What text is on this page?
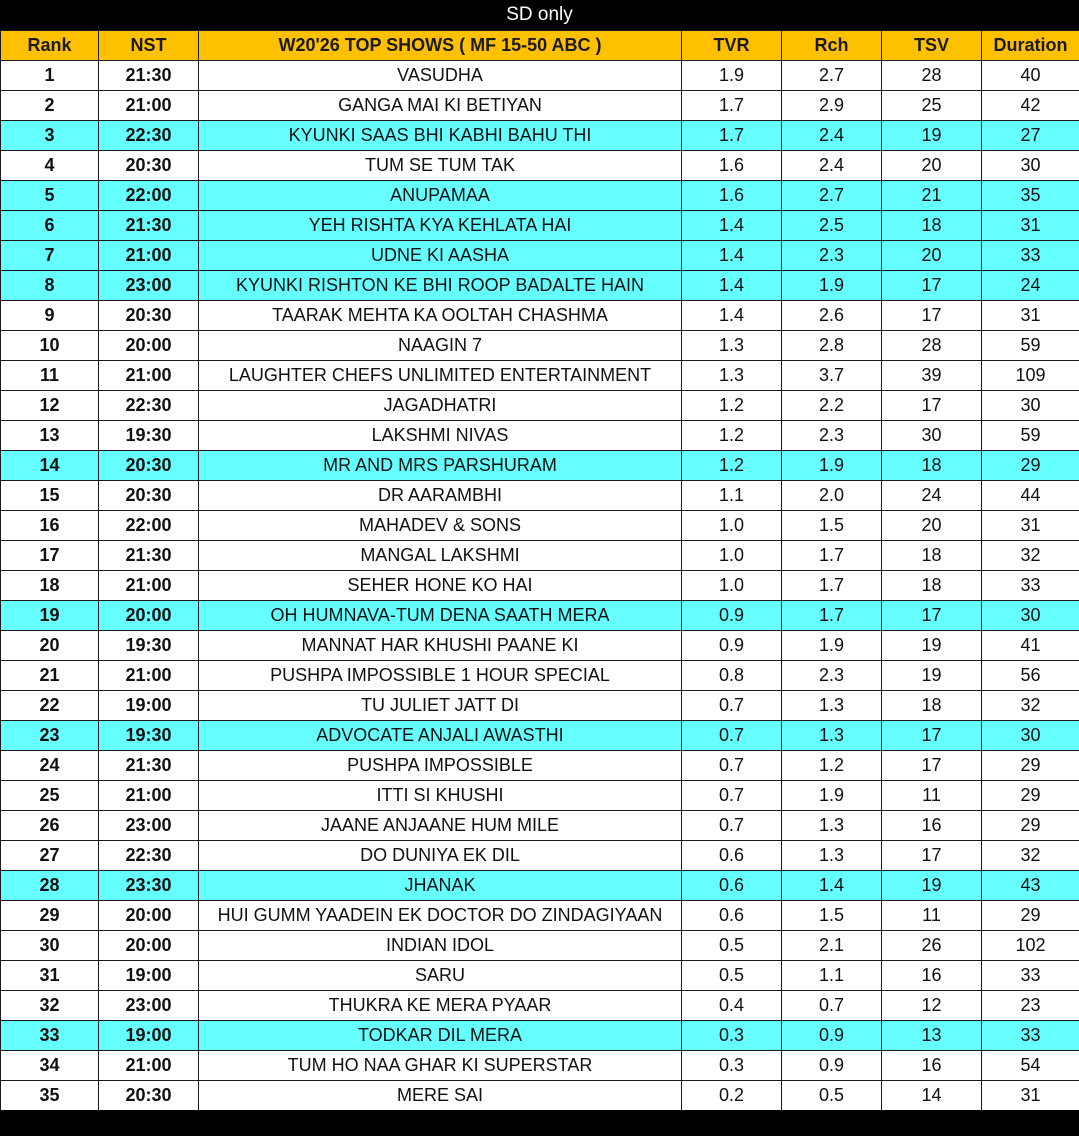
SD only
Rank	NST	W20'26 TOP SHOWS ( MF 15-50 ABC )	TVR	Rch	TSV	Duration
1	21:30	VASUDHA	1.9	2.7	28	40
2	21:00	GANGA MAI KI BETIYAN	1.7	2.9	25	42
3	22:30	KYUNKI SAAS BHI KABHI BAHU THI	1.7	2.4	19	27
4	20:30	TUM SE TUM TAK	1.6	2.4	20	30
5	22:00	ANUPAMAA	1.6	2.7	21	35
6	21:30	YEH RISHTA KYA KEHLATA HAI	1.4	2.5	18	31
7	21:00	UDNE KI AASHA	1.4	2.3	20	33
8	23:00	KYUNKI RISHTON KE BHI ROOP BADALTE HAIN	1.4	1.9	17	24
9	20:30	TAARAK MEHTA KA OOLTAH CHASHMA	1.4	2.6	17	31
10	20:00	NAAGIN 7	1.3	2.8	28	59
11	21:00	LAUGHTER CHEFS UNLIMITED ENTERTAINMENT	1.3	3.7	39	109
12	22:30	JAGADHATRI	1.2	2.2	17	30
13	19:30	LAKSHMI NIVAS	1.2	2.3	30	59
14	20:30	MR AND MRS PARSHURAM	1.2	1.9	18	29
15	20:30	DR AARAMBHI	1.1	2.0	24	44
16	22:00	MAHADEV & SONS	1.0	1.5	20	31
17	21:30	MANGAL LAKSHMI	1.0	1.7	18	32
18	21:00	SEHER HONE KO HAI	1.0	1.7	18	33
19	20:00	OH HUMNAVA-TUM DENA SAATH MERA	0.9	1.7	17	30
20	19:30	MANNAT HAR KHUSHI PAANE KI	0.9	1.9	19	41
21	21:00	PUSHPA IMPOSSIBLE 1 HOUR SPECIAL	0.8	2.3	19	56
22	19:00	TU JULIET JATT DI	0.7	1.3	18	32
23	19:30	ADVOCATE ANJALI AWASTHI	0.7	1.3	17	30
24	21:30	PUSHPA IMPOSSIBLE	0.7	1.2	17	29
25	21:00	ITTI SI KHUSHI	0.7	1.9	11	29
26	23:00	JAANE ANJAANE HUM MILE	0.7	1.3	16	29
27	22:30	DO DUNIYA EK DIL	0.6	1.3	17	32
28	23:30	JHANAK	0.6	1.4	19	43
29	20:00	HUI GUMM YAADEIN EK DOCTOR DO ZINDAGIYAAN	0.6	1.5	11	29
30	20:00	INDIAN IDOL	0.5	2.1	26	102
31	19:00	SARU	0.5	1.1	16	33
32	23:00	THUKRA KE MERA PYAAR	0.4	0.7	12	23
33	19:00	TODKAR DIL MERA	0.3	0.9	13	33
34	21:00	TUM HO NAA GHAR KI SUPERSTAR	0.3	0.9	16	54
35	20:30	MERE SAI	0.2	0.5	14	31
